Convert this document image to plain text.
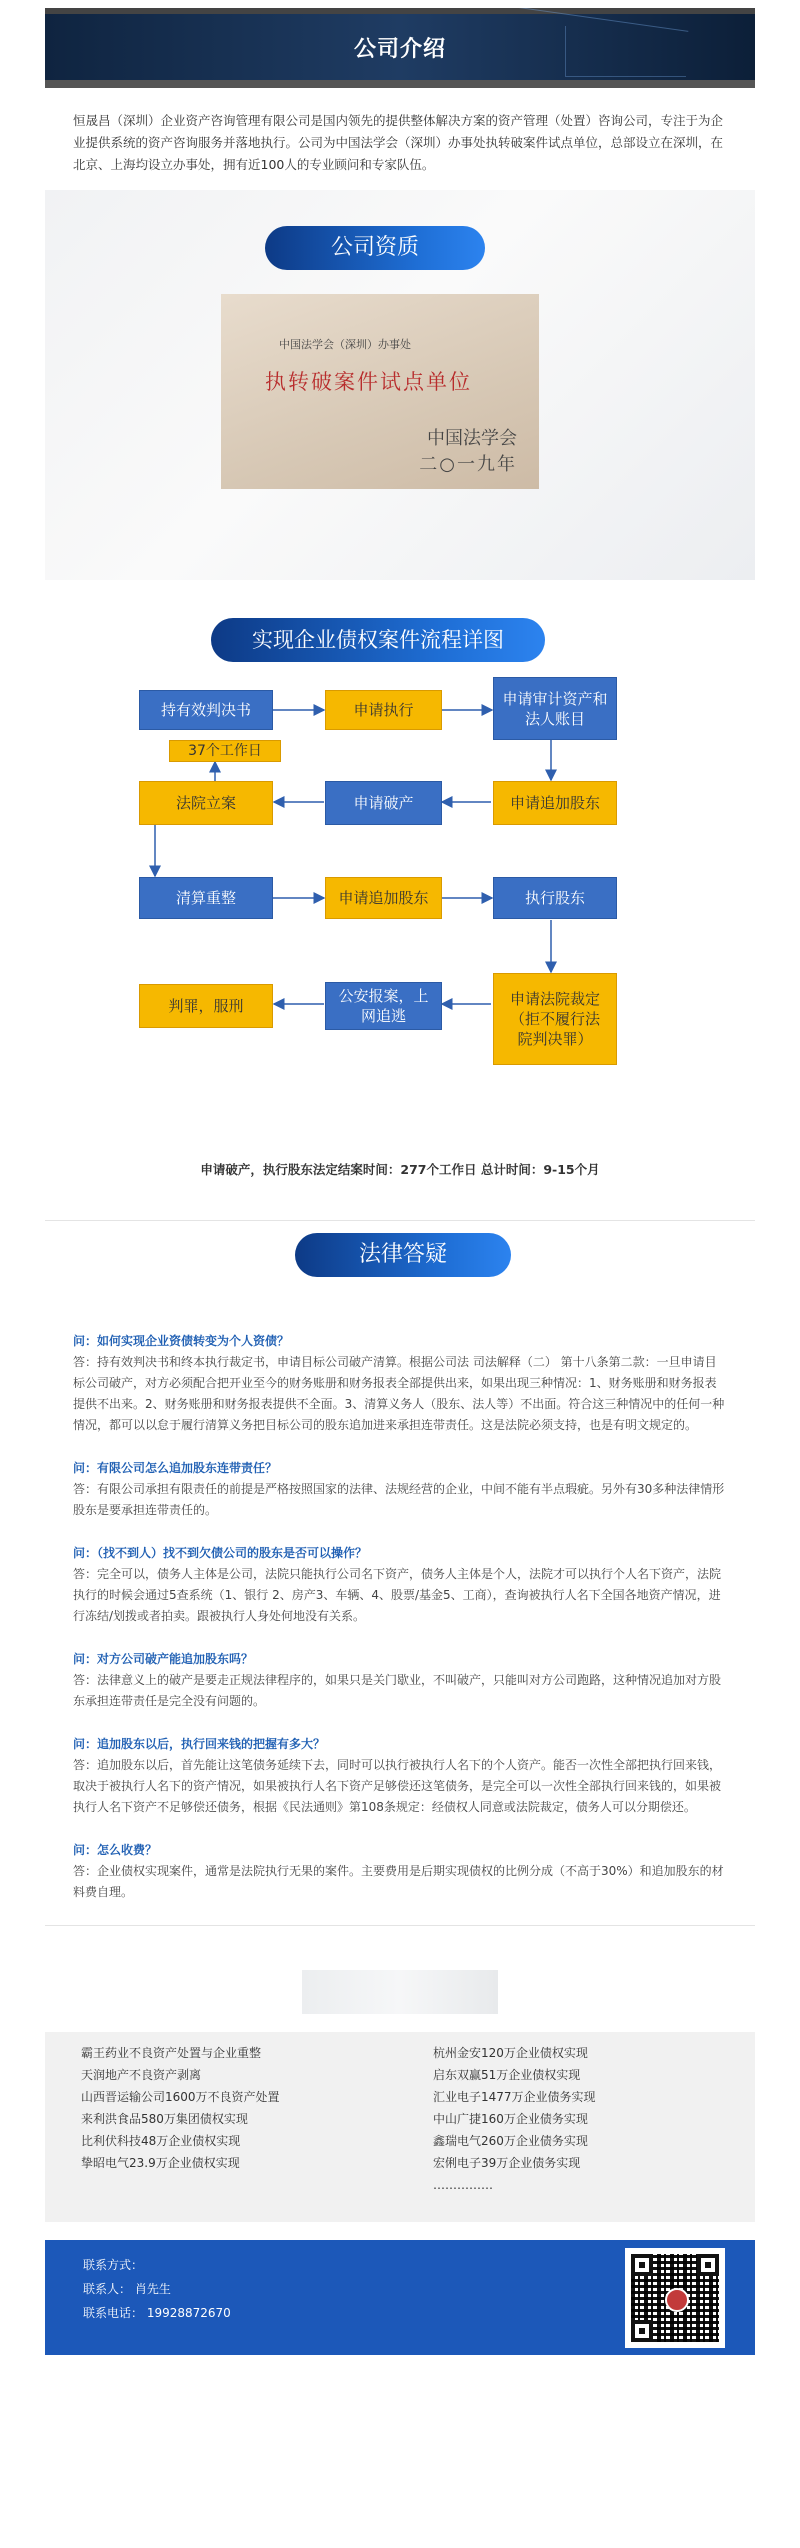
公司介绍

恒晟昌（深圳）企业资产咨询管理有限公司是国内领先的提供整体解决方案的资产管理（处置）咨询公司，专注于为企业提供系统的资产咨询服务并落地执行。公司为中国法学会（深圳）办事处执转破案件试点单位，总部设立在深圳，在北京、上海均设立办事处，拥有近100人的专业顾问和专家队伍。

公司资质
中国法学会（深圳）办事处
执转破案件试点单位
中国法学会
二○一九年
实现企业债权案件流程详图
持有效判决书	申请执行
申请审计资产和法人账目
37个工作日
申请追加股东
申请破产
法院立案
清算重整	申请追加股东	执行股东
申请法院裁定（拒不履行法院判决罪）
公安报案，上网追逃
判罪，服刑
申请破产，执行股东法定结案时间：277个工作日 总计时间：9-15个月
法律答疑
问：如何实现企业资债转变为个人资债？
答：持有效判决书和终本执行裁定书，申请目标公司破产清算。根据公司法 司法解释（二） 第十八条第二款：一旦申请目标公司破产，对方必须配合把开业至今的财务账册和财务报表全部提供出来，如果出现三种情况：1、财务账册和财务报表提供不出来。2、财务账册和财务报表提供不全面。3、清算义务人（股东、法人等）不出面。符合这三种情况中的任何一种情况，都可以以怠于履行清算义务把目标公司的股东追加进来承担连带责任。这是法院必须支持，也是有明文规定的。
问：有限公司怎么追加股东连带责任？
答：有限公司承担有限责任的前提是严格按照国家的法律、法规经营的企业，中间不能有半点瑕疵。另外有30多种法律情形股东是要承担连带责任的。
问：（找不到人）找不到欠债公司的股东是否可以操作？
答：完全可以，债务人主体是公司，法院只能执行公司名下资产，债务人主体是个人，法院才可以执行个人名下资产，法院执行的时候会通过5查系统（1、银行 2、房产3、车辆、4、股票/基金5、工商），查询被执行人名下全国各地资产情况，进行冻结/划拨或者拍卖。跟被执行人身处何地没有关系。
问：对方公司破产能追加股东吗？
答：法律意义上的破产是要走正规法律程序的，如果只是关门歇业，不叫破产，只能叫对方公司跑路，这种情况追加对方股东承担连带责任是完全没有问题的。
问：追加股东以后，执行回来钱的把握有多大？
答：追加股东以后，首先能让这笔债务延续下去，同时可以执行被执行人名下的个人资产。能否一次性全部把执行回来钱，取决于被执行人名下的资产情况，如果被执行人名下资产足够偿还这笔债务，是完全可以一次性全部执行回来钱的，如果被执行人名下资产不足够偿还债务，根据《民法通则》第108条规定：经债权人同意或法院裁定，债务人可以分期偿还。
问：怎么收费？
答：企业债权实现案件，通常是法院执行无果的案件。主要费用是后期实现债权的比例分成（不高于30%）和追加股东的材料费自理。
霸王药业不良资产处置与企业重整
天润地产不良资产剥离
山西晋运输公司1600万不良资产处置
来利洪食品580万集团债权实现
比利伏科技48万企业债权实现
挚昭电气23.9万企业债权实现
杭州金安120万企业债权实现
启东双赢51万企业债权实现
汇业电子1477万企业债务实现
中山广捷160万企业债务实现
鑫瑞电气260万企业债务实现
宏俐电子39万企业债务实现
……………
联系方式：
联系人： 肖先生
联系电话： 19928872670
